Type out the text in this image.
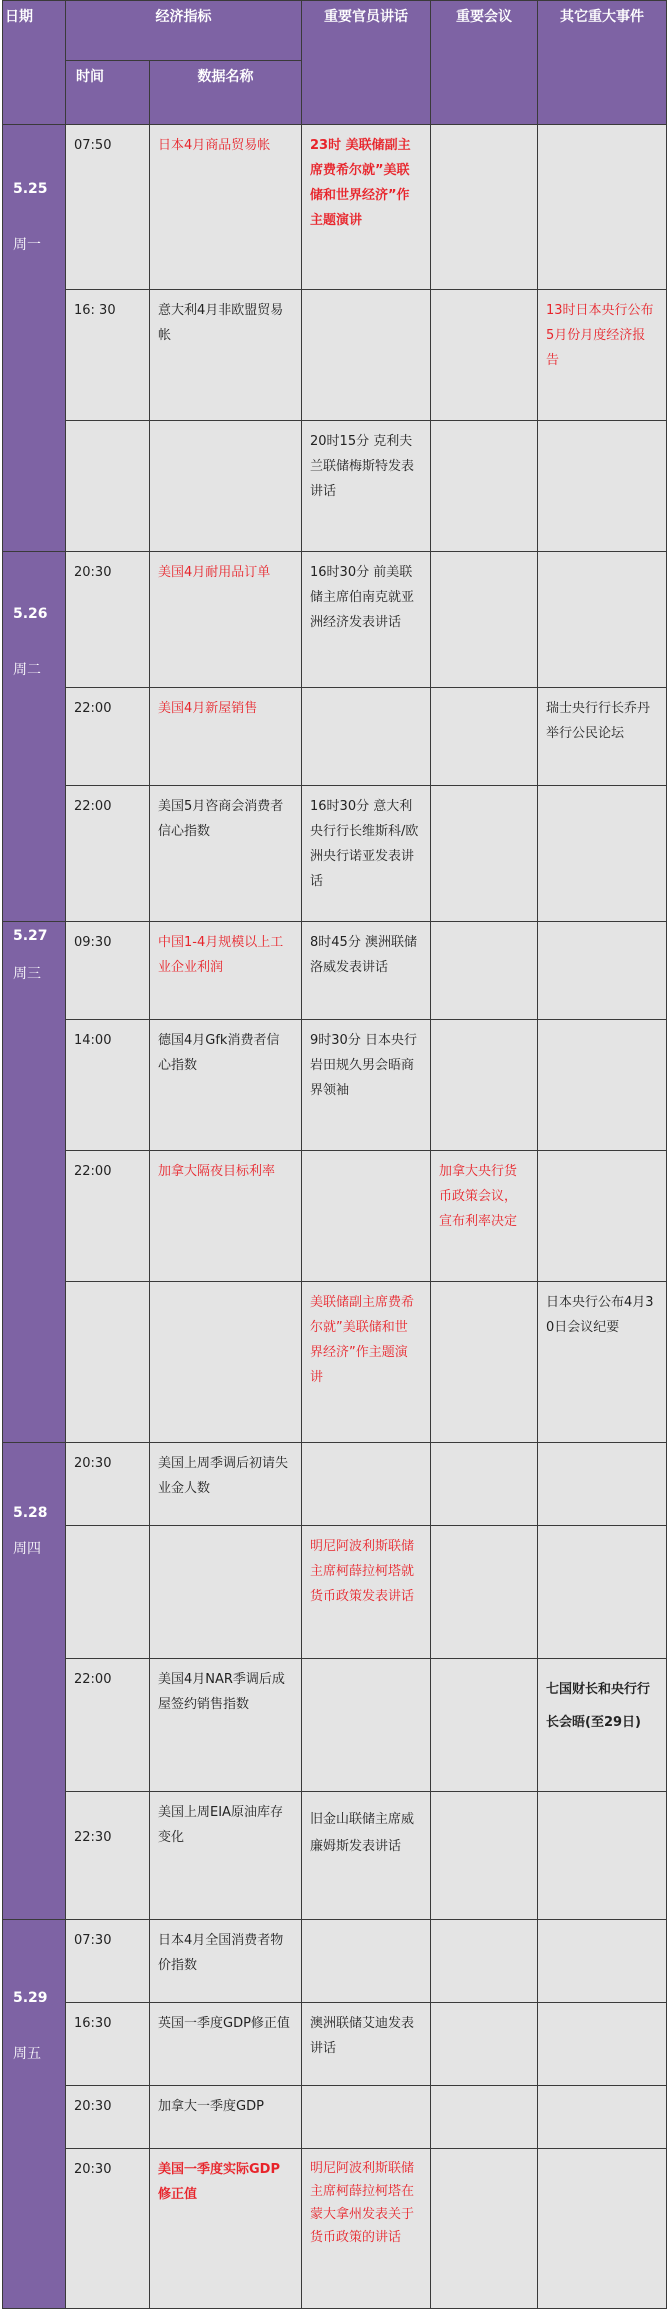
日期	经济指标		重要官员讲话	重要会议	其它重大事件
	时间	数据名称			

5.25
周一	07:50	日本4月商品贸易帐	23时 美联储副主席费希尔就”美联储和世界经济”作主题演讲		
	16: 30	意大利4月非欧盟贸易帐			13时日本央行公布5月份月度经济报告
			20时15分 克利夫兰联储梅斯特发表讲话		

5.26
周二	20:30	美国4月耐用品订单	16时30分 前美联储主席伯南克就亚洲经济发表讲话		
	22:00	美国4月新屋销售			瑞士央行行长乔丹举行公民论坛
	22:00	美国5月咨商会消费者信心指数	16时30分 意大利央行行长维斯科/欧洲央行诺亚发表讲话		

5.27
周三	09:30	中国1-4月规模以上工业企业利润	8时45分 澳洲联储洛威发表讲话		
	14:00	德国4月Gfk消费者信心指数	9时30分 日本央行岩田规久男会晤商界领袖		
	22:00	加拿大隔夜目标利率		加拿大央行货币政策会议，宣布利率决定	
			美联储副主席费希尔就”美联储和世界经济”作主题演讲		日本央行公布4月30日会议纪要

5.28
周四	20:30	美国上周季调后初请失业金人数			
			明尼阿波利斯联储主席柯薛拉柯塔就货币政策发表讲话		
	22:00	美国4月NAR季调后成屋签约销售指数			七国财长和央行行长会晤(至29日)
	22:30	美国上周EIA原油库存变化	旧金山联储主席威廉姆斯发表讲话		

5.29
周五	07:30	日本4月全国消费者物价指数			
	16:30	英国一季度GDP修正值	澳洲联储艾迪发表讲话		
	20:30	加拿大一季度GDP			
	20:30	美国一季度实际GDP修正值	明尼阿波利斯联储主席柯薛拉柯塔在蒙大拿州发表关于货币政策的讲话		
